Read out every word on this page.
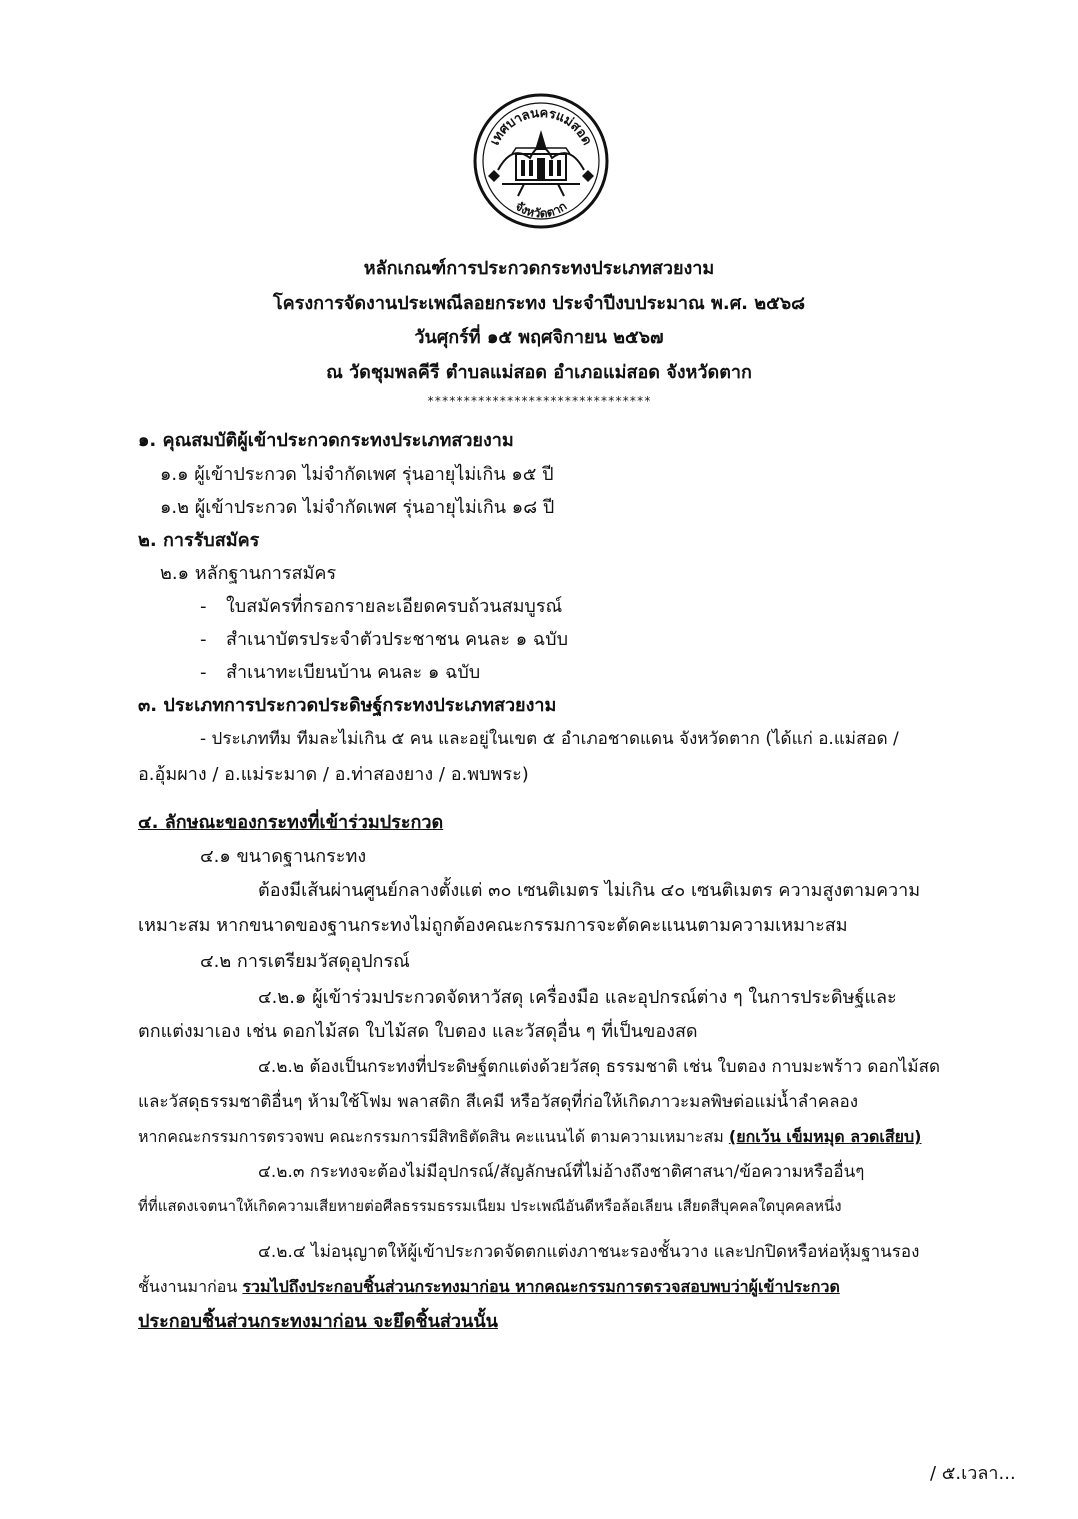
เทศบาลนครแม่สอด
จังหวัดตาก
หลักเกณฑ์การประกวดกระทงประเภทสวยงาม
โครงการจัดงานประเพณีลอยกระทง ประจำปีงบประมาณ พ.ศ. ๒๕๖๘
วันศุกร์ที่ ๑๕ พฤศจิกายน ๒๕๖๗
ณ วัดชุมพลคีรี ตำบลแม่สอด อำเภอแม่สอด จังหวัดตาก
*******************************
๑. คุณสมบัติผู้เข้าประกวดกระทงประเภทสวยงาม
๑.๑ ผู้เข้าประกวด ไม่จำกัดเพศ รุ่นอายุไม่เกิน ๑๕ ปี
๑.๒ ผู้เข้าประกวด ไม่จำกัดเพศ รุ่นอายุไม่เกิน ๑๘ ปี
๒. การรับสมัคร
๒.๑ หลักฐานการสมัคร
- ใบสมัครที่กรอกรายละเอียดครบถ้วนสมบูรณ์
- สำเนาบัตรประจำตัวประชาชน คนละ ๑ ฉบับ
- สำเนาทะเบียนบ้าน คนละ ๑ ฉบับ
๓. ประเภทการประกวดประดิษฐ์กระทงประเภทสวยงาม
- ประเภททีม ทีมละไม่เกิน ๕ คน และอยู่ในเขต ๕ อำเภอชาดแดน จังหวัดตาก (ได้แก่ อ.แม่สอด /
อ.อุ้มผาง / อ.แม่ระมาด / อ.ท่าสองยาง / อ.พบพระ)
๔. ลักษณะของกระทงที่เข้าร่วมประกวด
๔.๑ ขนาดฐานกระทง
ต้องมีเส้นผ่านศูนย์กลางตั้งแต่ ๓๐ เซนติเมตร ไม่เกิน ๔๐ เซนติเมตร ความสูงตามความ
เหมาะสม หากขนาดของฐานกระทงไม่ถูกต้องคณะกรรมการจะตัดคะแนนตามความเหมาะสม
๔.๒ การเตรียมวัสดุอุปกรณ์
๔.๒.๑ ผู้เข้าร่วมประกวดจัดหาวัสดุ เครื่องมือ และอุปกรณ์ต่าง ๆ ในการประดิษฐ์และ
ตกแต่งมาเอง เช่น ดอกไม้สด ใบไม้สด ใบตอง และวัสดุอื่น ๆ ที่เป็นของสด
๔.๒.๒ ต้องเป็นกระทงที่ประดิษฐ์ตกแต่งด้วยวัสดุ ธรรมชาติ เช่น ใบตอง กาบมะพร้าว ดอกไม้สด
และวัสดุธรรมชาติอื่นๆ ห้ามใช้โฟม พลาสติก สีเคมี หรือวัสดุที่ก่อให้เกิดภาวะมลพิษต่อแม่น้ำลำคลอง
หากคณะกรรมการตรวจพบ คณะกรรมการมีสิทธิตัดสิน คะแนนได้ ตามความเหมาะสม (ยกเว้น เข็มหมุด ลวดเสียบ)
๔.๒.๓ กระทงจะต้องไม่มีอุปกรณ์/สัญลักษณ์ที่ไม่อ้างถึงชาติศาสนา/ข้อความหรืออื่นๆ
ที่ที่แสดงเจตนาให้เกิดความเสียหายต่อศีลธรรมธรรมเนียม ประเพณีอันดีหรือล้อเลียน เสียดสีบุคคลใดบุคคลหนึ่ง
๔.๒.๔ ไม่อนุญาตให้ผู้เข้าประกวดจัดตกแต่งภาชนะรองชั้นวาง และปกปิดหรือห่อหุ้มฐานรอง
ชั้นงานมาก่อน รวมไปถึงประกอบชิ้นส่วนกระทงมาก่อน หากคณะกรรมการตรวจสอบพบว่าผู้เข้าประกวด
ประกอบชิ้นส่วนกระทงมาก่อน จะยึดชิ้นส่วนนั้น
/ ๕.เวลา...
